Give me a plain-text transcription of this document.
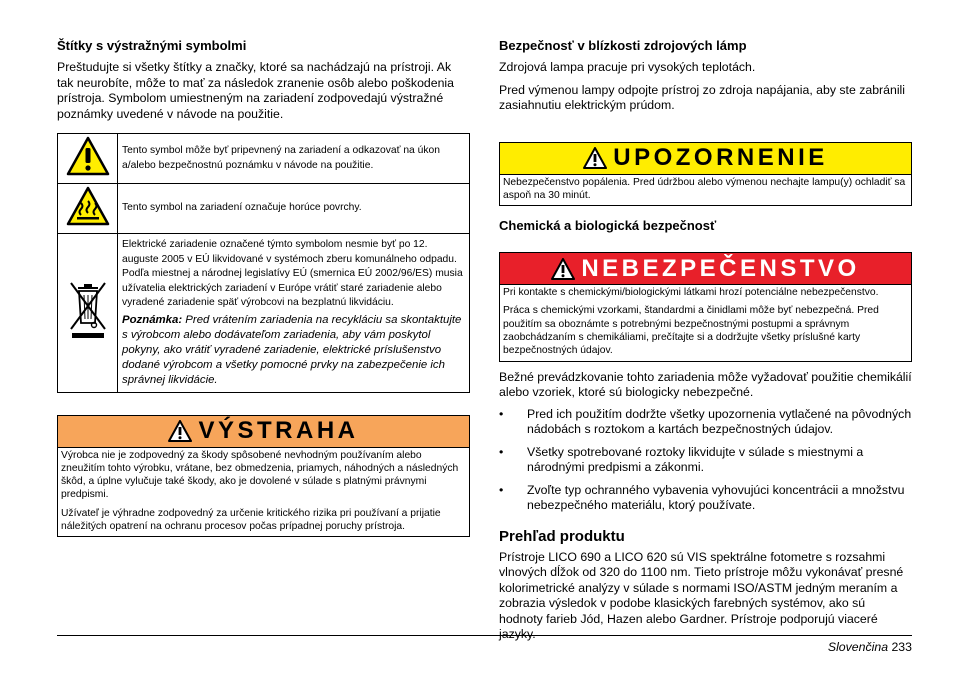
Štítky s výstražnými symbolmi

Preštudujte si všetky štítky a značky, ktoré sa nachádzajú na prístroji. Ak tak neurobíte, môže to mať za následok zranenie osôb alebo poškodenia prístroja. Symbolom umiestneným na zariadení zodpovedajú výstražné poznámky uvedené v návode na použitie.

Tento symbol môže byť pripevnený na zariadení a odkazovať na úkon a/alebo bezpečnostnú poznámku v návode na použitie.

Tento symbol na zariadení označuje horúce povrchy.

Elektrické zariadenie označené týmto symbolom nesmie byť po 12. auguste 2005 v EÚ likvidované v systémoch zberu komunálneho odpadu. Podľa miestnej a národnej legislatívy EÚ (smernica EÚ 2002/96/ES) musia užívatelia elektrických zariadení v Európe vrátiť staré zariadenie alebo vyradené zariadenie späť výrobcovi na bezplatnú likvidáciu.

Poznámka: Pred vrátením zariadenia na recykláciu sa skontaktujte s výrobcom alebo dodávateľom zariadenia, aby vám poskytol pokyny, ako vrátiť vyradené zariadenie, elektrické príslušenstvo dodané výrobcom a všetky pomocné prvky na zabezpečenie ich správnej likvidácie.

VÝSTRAHA

Výrobca nie je zodpovedný za škody spôsobené nevhodným používaním alebo zneužitím tohto výrobku, vrátane, bez obmedzenia, priamych, náhodných a následných škôd, a úplne vylučuje také škody, ako je dovolené v súlade s platnými právnymi predpismi.

Užívateľ je výhradne zodpovedný za určenie kritického rizika pri používaní a prijatie náležitých opatrení na ochranu procesov počas prípadnej poruchy prístroja.

Bezpečnosť v blízkosti zdrojových lámp

Zdrojová lampa pracuje pri vysokých teplotách.

Pred výmenou lampy odpojte prístroj zo zdroja napájania, aby ste zabránili zasiahnutiu elektrickým prúdom.

UPOZORNENIE

Nebezpečenstvo popálenia. Pred údržbou alebo výmenou nechajte lampu(y) ochladiť sa aspoň na 30 minút.

Chemická a biologická bezpečnosť
NEBEZPEČENSTVO

Pri kontakte s chemickými/biologickými látkami hrozí potenciálne nebezpečenstvo.

Práca s chemickými vzorkami, štandardmi a činidlami môže byť nebezpečná. Pred použitím sa oboznámte s potrebnými bezpečnostnými postupmi a správnym zaobchádzaním s chemikáliami, prečítajte si a dodržujte všetky príslušné karty bezpečnostných údajov.

Bežné prevádzkovanie tohto zariadenia môže vyžadovať použitie chemikálií alebo vzoriek, ktoré sú biologicky nebezpečné.

• Pred ich použitím dodržte všetky upozornenia vytlačené na pôvodných nádobách s roztokom a kartách bezpečnostných údajov.
• Všetky spotrebované roztoky likvidujte v súlade s miestnymi a národnými predpismi a zákonmi.
• Zvoľte typ ochranného vybavenia vyhovujúci koncentrácii a množstvu nebezpečného materiálu, ktorý používate.
Prehľad produktu

Prístroje LICO 690 a LICO 620 sú VIS spektrálne fotometre s rozsahmi vlnových dĺžok od 320 do 1100 nm. Tieto prístroje môžu vykonávať presné kolorimetrické analýzy v súlade s normami ISO/ASTM jedným meraním a zobrazia výsledok v podobe klasických farebných systémov, ako sú hodnoty farieb Jód, Hazen alebo Gardner. Prístroje podporujú viaceré jazyky.

Slovenčina 233
